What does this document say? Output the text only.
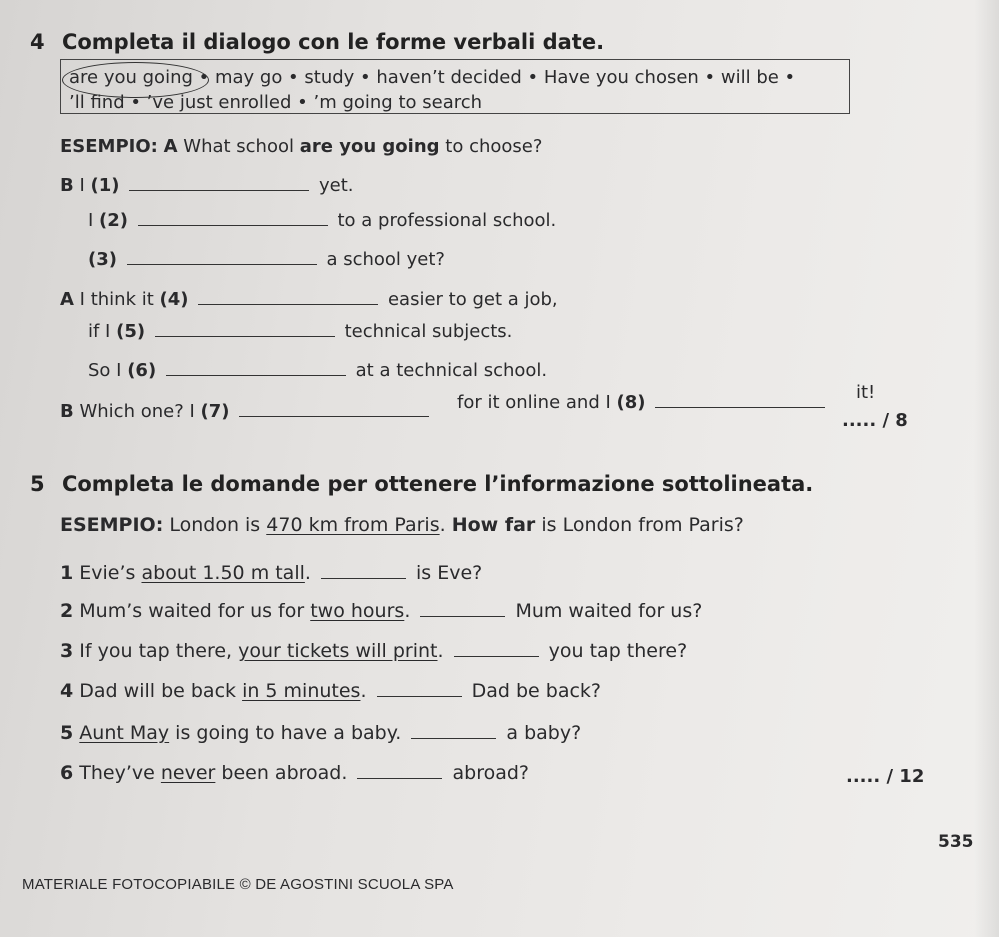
4 Completa il dialogo con le forme verbali date.
are you going • may go • study • haven’t decided • Have you chosen • will be •
’ll find • ’ve just enrolled • ’m going to search
ESEMPIO: A What school are you going to choose?
B I (1)	yet.
I (2)	to a professional school.
(3)	a school yet?
A I think it (4)	easier to get a job,
if I (5)	technical subjects.
So I (6)	at a technical school.
B Which one? I (7)	for it online and I (8)	it!
..... / 8
5 Completa le domande per ottenere l’informazione sottolineata.
ESEMPIO: London is 470 km from Paris. How far is London from Paris?
1 Evie’s about 1.50 m tall.	is Eve?
2 Mum’s waited for us for two hours.	Mum waited for us?
3 If you tap there, your tickets will print.	you tap there?
4 Dad will be back in 5 minutes.	Dad be back?
5 Aunt May is going to have a baby.	a baby?
6 They’ve never been abroad.	abroad?	..... / 12
535
MATERIALE FOTOCOPIABILE © DE AGOSTINI SCUOLA SPA
